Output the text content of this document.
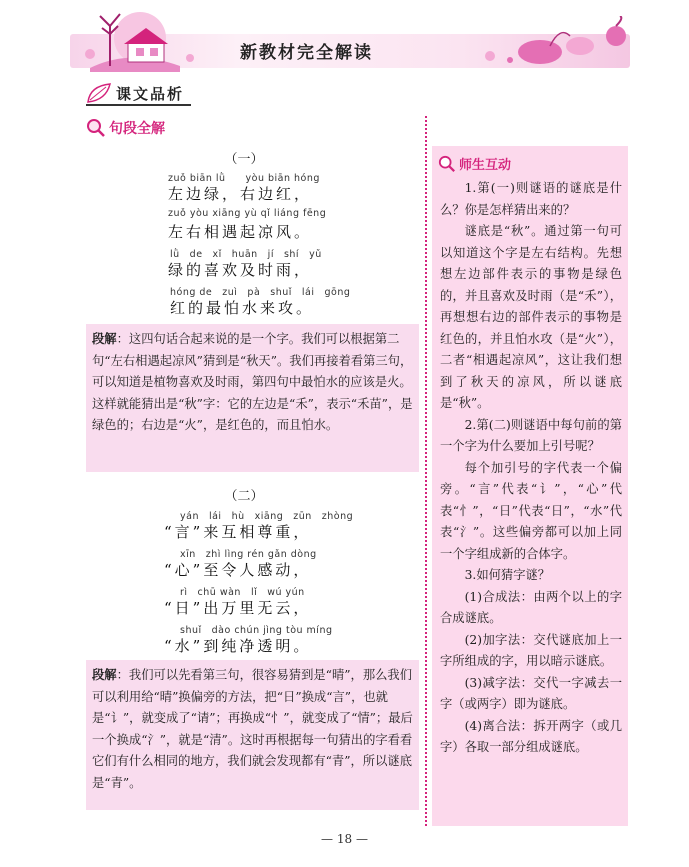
新教材完全解读
课文品析
句段全解
（一）
zuǒ biān lǜ　　yòu biān hóng
左边绿，右边红，
zuǒ yòu xiāng yù qǐ liáng fēng
左右相遇起凉风。
lǜ　de　xǐ　huān　jí　shí　yǔ
绿的喜欢及时雨，
hóng de　zuì　pà　shuǐ　lái　gōng
红的最怕水来攻。
段解：这四句话合起来说的是一个字。我们可以根据第二句“左右相遇起凉风”猜到是“秋天”。我们再接着看第三句，可以知道是植物喜欢及时雨，第四句中最怕水的应该是火。这样就能猜出是“秋”字：它的左边是“禾”，表示“禾苗”，是绿色的；右边是“火”，是红色的，而且怕水。
（二）
yán　lái　hù　xiāng　zūn　zhòng
“言”来互相尊重，
xīn　zhì lìng rén gǎn dòng
“心”至令人感动，
rì　chū wàn　lǐ　wú yún
“日”出万里无云，
shuǐ　dào chún jìng tòu míng
“水”到纯净透明。
段解：我们可以先看第三句，很容易猜到是“晴”，那么我们可以利用给“晴”换偏旁的方法，把“日”换成“言”，也就是“讠”，就变成了“请”；再换成“忄”，就变成了“情”；最后一个换成“氵”，就是“清”。这时再根据每一句猜出的字看看它们有什么相同的地方，我们就会发现都有“青”，所以谜底是“青”。
师生互动

1.第(一)则谜语的谜底是什么？你是怎样猜出来的？

谜底是“秋”。通过第一句可以知道这个字是左右结构。先想想左边部件表示的事物是绿色的，并且喜欢及时雨（是“禾”），再想想右边的部件表示的事物是红色的，并且怕水攻（是“火”），二者“相遇起凉风”，这让我们想到了秋天的凉风，所以谜底是“秋”。

2.第(二)则谜语中每句前的第一个字为什么要加上引号呢？

每个加引号的字代表一个偏旁。“言”代表“讠”，“心”代表“忄”，“日”代表“日”，“水”代表“氵”。这些偏旁都可以加上同一个字组成新的合体字。

3.如何猜字谜？

(1)合成法：由两个以上的字合成谜底。

(2)加字法：交代谜底加上一字所组成的字，用以暗示谜底。

(3)减字法：交代一字减去一字（或两字）即为谜底。

(4)离合法：拆开两字（或几字）各取一部分组成谜底。

— 18 —
